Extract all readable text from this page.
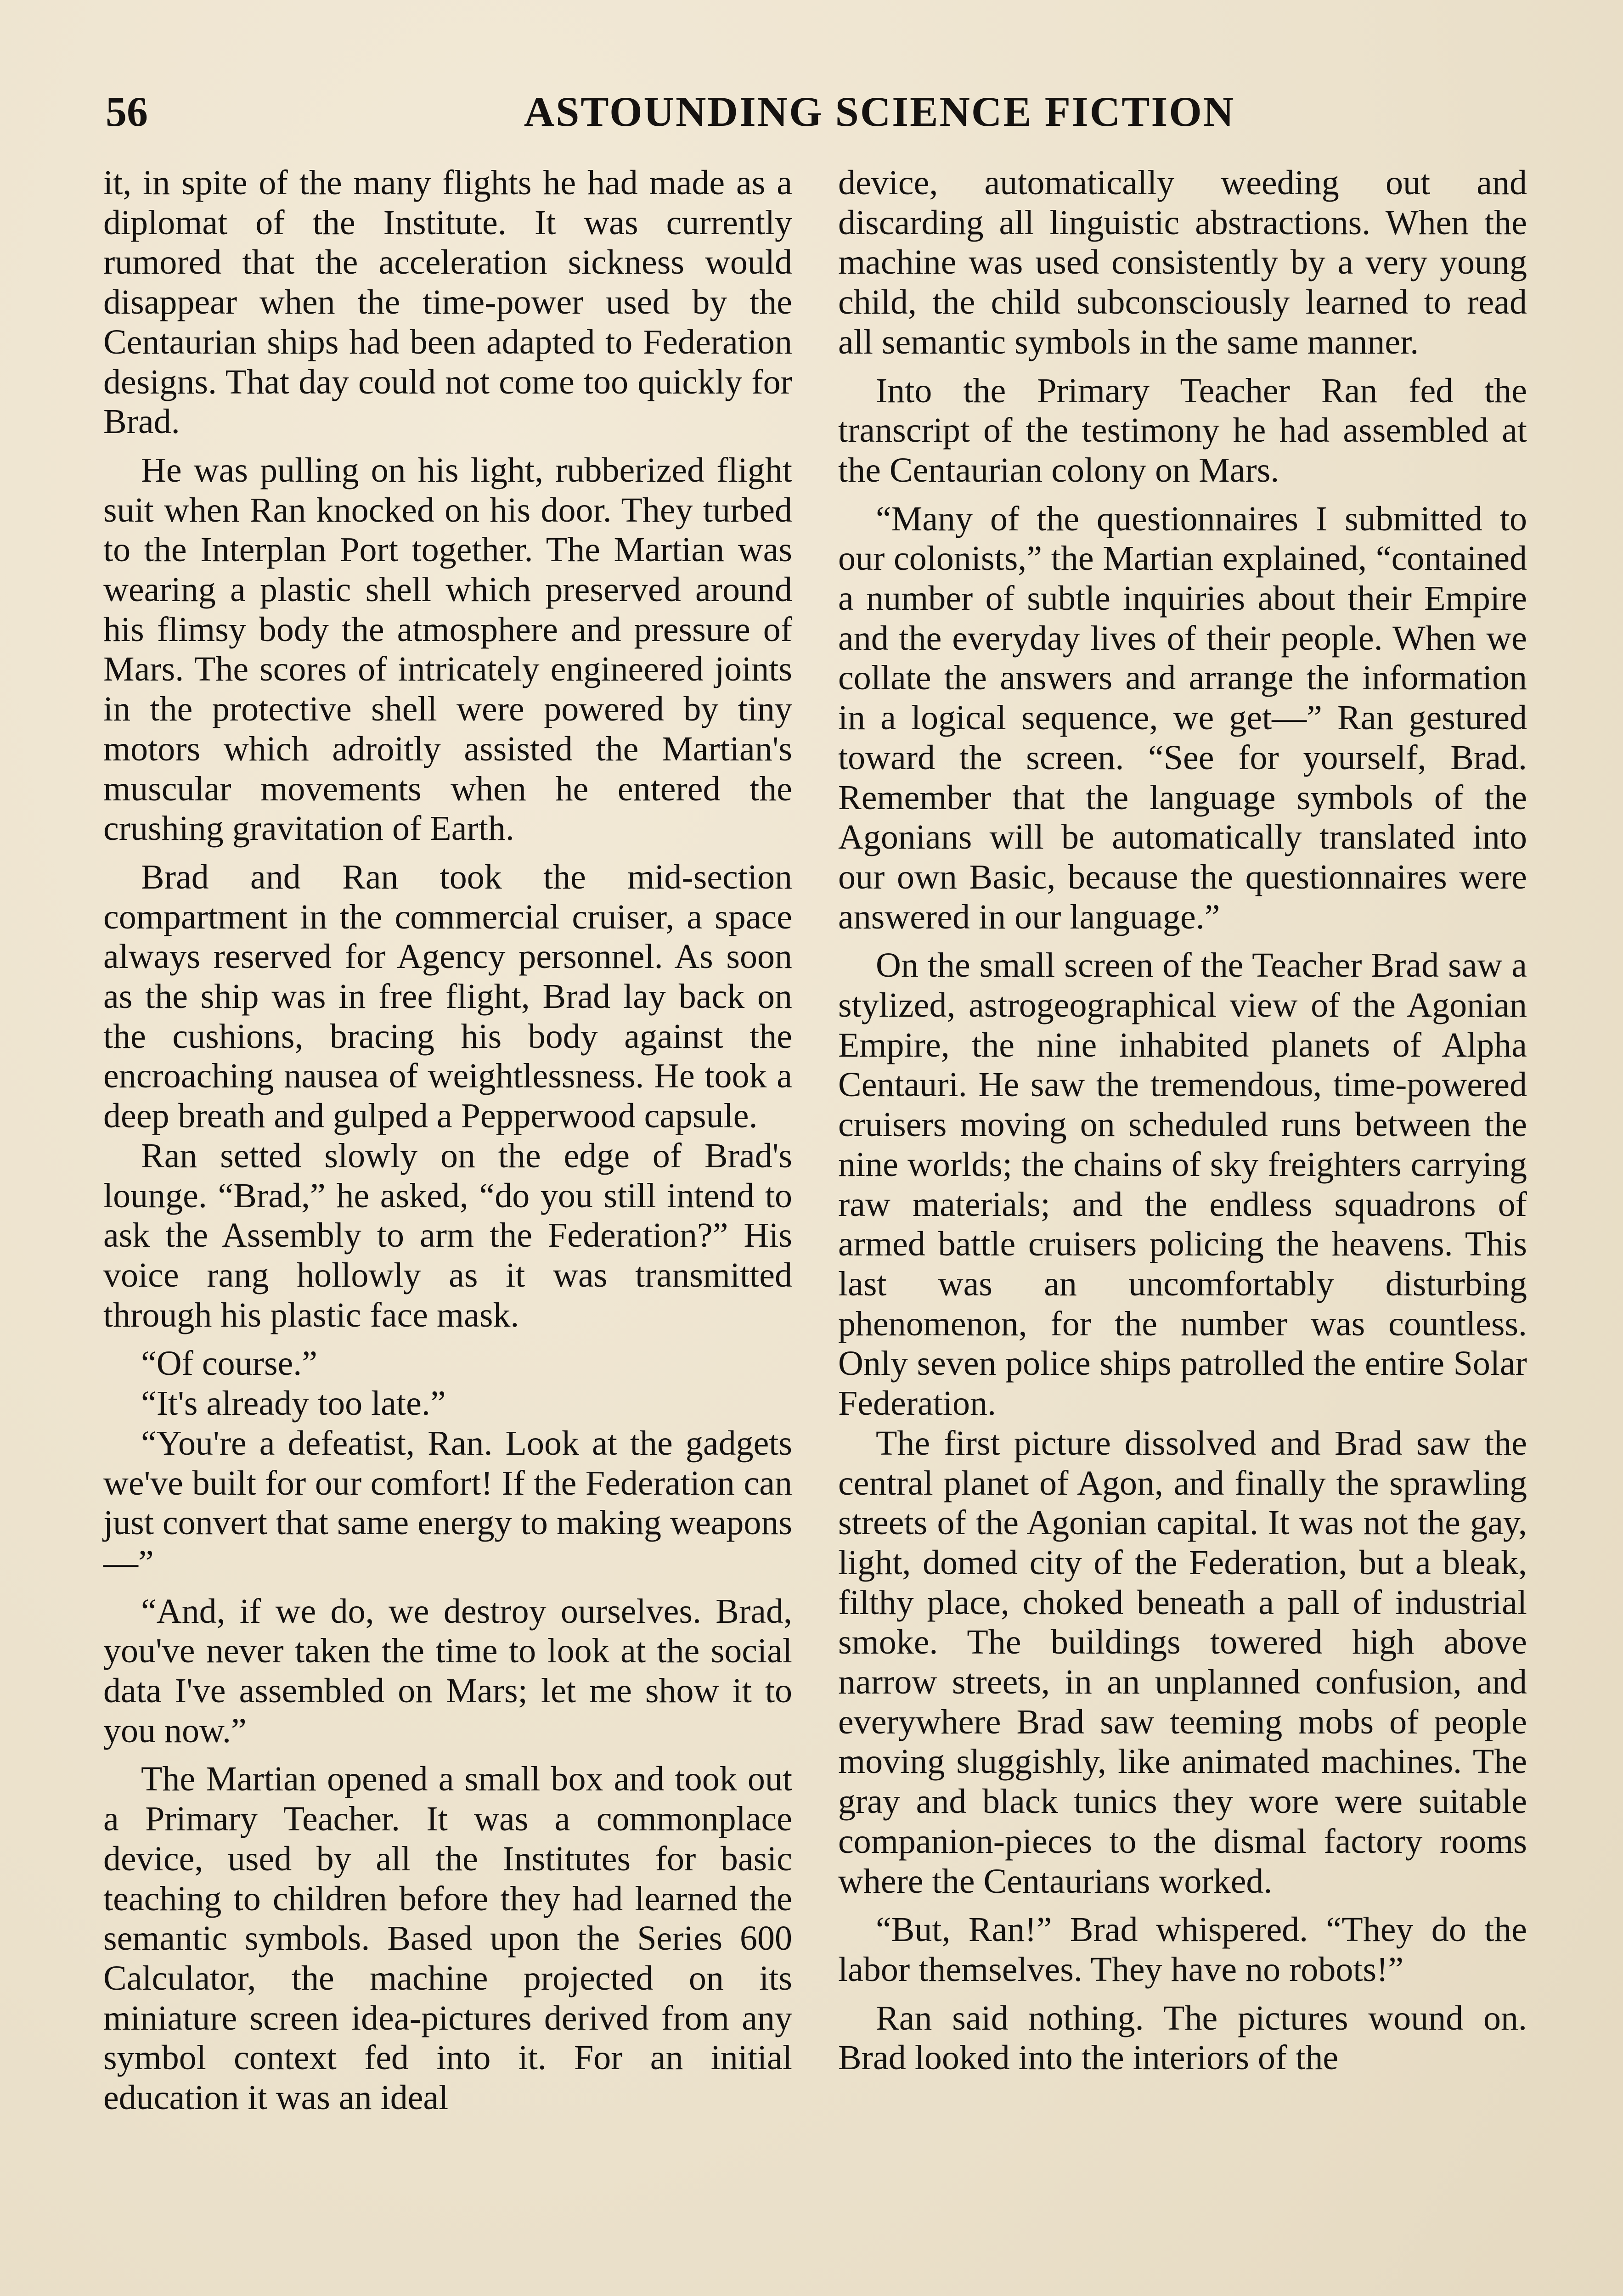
56	ASTOUNDING SCIENCE FICTION

it, in spite of the many flights he had made as a diplomat of the Institute. It was currently rumored that the acceleration sickness would disappear when the time-power used by the Centaurian ships had been adapted to Federation designs. That day could not come too quickly for Brad.

He was pulling on his light, rubberized flight suit when Ran knocked on his door. They turbed to the Interplan Port together. The Martian was wearing a plastic shell which preserved around his flimsy body the atmosphere and pressure of Mars. The scores of intricately engineered joints in the protective shell were powered by tiny motors which adroitly assisted the Martian's muscular movements when he entered the crushing gravitation of Earth.

Brad and Ran took the mid-section compartment in the commercial cruiser, a space always reserved for Agency personnel. As soon as the ship was in free flight, Brad lay back on the cushions, bracing his body against the encroaching nausea of weightlessness. He took a deep breath and gulped a Pepperwood capsule.

Ran setted slowly on the edge of Brad's lounge. “Brad,” he asked, “do you still intend to ask the Assembly to arm the Federation?” His voice rang hollowly as it was transmitted through his plastic face mask.

“Of course.”

“It's already too late.”

“You're a defeatist, Ran. Look at the gadgets we've built for our comfort! If the Federation can just convert that same energy to making weapons—”

“And, if we do, we destroy ourselves. Brad, you've never taken the time to look at the social data I've assembled on Mars; let me show it to you now.”

The Martian opened a small box and took out a Primary Teacher. It was a commonplace device, used by all the Institutes for basic teaching to children before they had learned the semantic symbols. Based upon the Series 600 Calculator, the machine projected on its miniature screen idea-pictures derived from any symbol context fed into it. For an initial education it was an ideal

device, automatically weeding out and discarding all linguistic abstractions. When the machine was used consistently by a very young child, the child subconsciously learned to read all semantic symbols in the same manner.

Into the Primary Teacher Ran fed the transcript of the testimony he had assembled at the Centaurian colony on Mars.

“Many of the questionnaires I submitted to our colonists,” the Martian explained, “contained a number of subtle inquiries about their Empire and the everyday lives of their people. When we collate the answers and arrange the information in a logical sequence, we get—” Ran gestured toward the screen. “See for yourself, Brad. Remember that the language symbols of the Agonians will be automatically translated into our own Basic, because the questionnaires were answered in our language.”

On the small screen of the Teacher Brad saw a stylized, astrogeographical view of the Agonian Empire, the nine inhabited planets of Alpha Centauri. He saw the tremendous, time-powered cruisers moving on scheduled runs between the nine worlds; the chains of sky freighters carrying raw materials; and the endless squadrons of armed battle cruisers policing the heavens. This last was an uncomfortably disturbing phenomenon, for the number was countless. Only seven police ships patrolled the entire Solar Federation.

The first picture dissolved and Brad saw the central planet of Agon, and finally the sprawling streets of the Agonian capital. It was not the gay, light, domed city of the Federation, but a bleak, filthy place, choked beneath a pall of industrial smoke. The buildings towered high above narrow streets, in an unplanned confusion, and everywhere Brad saw teeming mobs of people moving sluggishly, like animated machines. The gray and black tunics they wore were suitable companion-pieces to the dismal factory rooms where the Centaurians worked.

“But, Ran!” Brad whispered. “They do the labor themselves. They have no robots!”

Ran said nothing. The pictures wound on. Brad looked into the interiors of the
